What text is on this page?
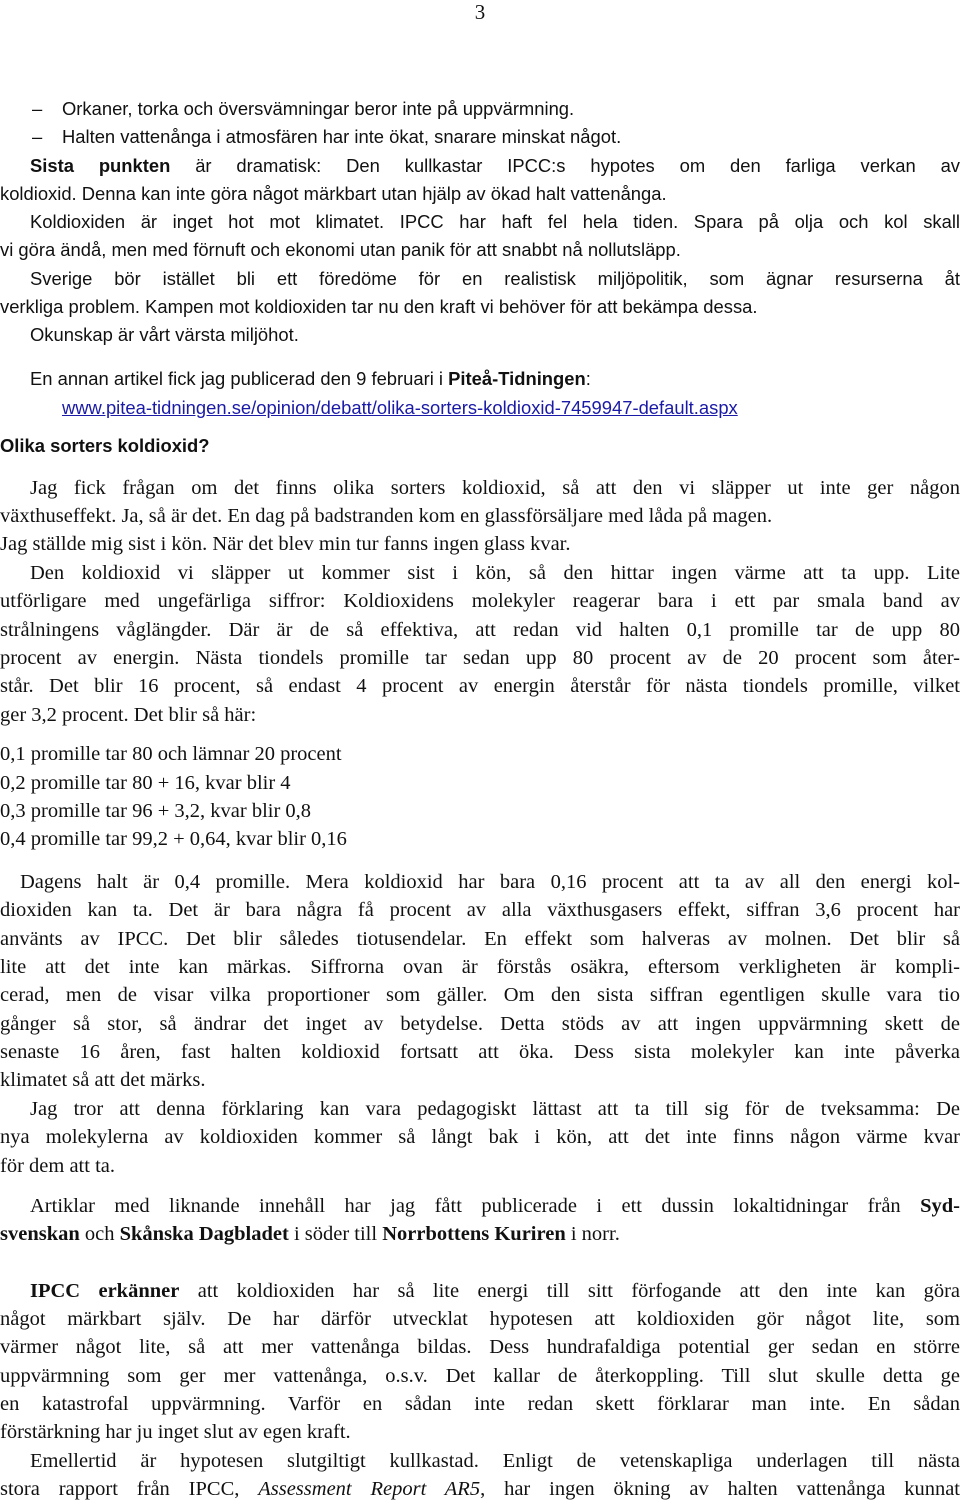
3
– Orkaner, torka och översvämningar beror inte på uppvärmning.
– Halten vattenånga i atmosfären har inte ökat, snarare minskat något.
Sista punkten är dramatisk: Den kullkastar IPCC:s hypotes om den farliga verkan av
koldioxid. Denna kan inte göra något märkbart utan hjälp av ökad halt vattenånga.
Koldioxiden är inget hot mot klimatet. IPCC har haft fel hela tiden. Spara på olja och kol skall
vi göra ändå, men med förnuft och ekonomi utan panik för att snabbt nå nollutsläpp.
Sverige bör istället bli ett föredöme för en realistisk miljöpolitik, som ägnar resurserna åt
verkliga problem. Kampen mot koldioxiden tar nu den kraft vi behöver för att bekämpa dessa.
Okunskap är vårt värsta miljöhot.
En annan artikel fick jag publicerad den 9 februari i Piteå-Tidningen:
www.pitea-tidningen.se/opinion/debatt/olika-sorters-koldioxid-7459947-default.aspx
Olika sorters koldioxid?
Jag fick frågan om det finns olika sorters koldioxid, så att den vi släpper ut inte ger någon
växthuseffekt. Ja, så är det. En dag på badstranden kom en glassförsäljare med låda på magen.
Jag ställde mig sist i kön. När det blev min tur fanns ingen glass kvar.
Den koldioxid vi släpper ut kommer sist i kön, så den hittar ingen värme att ta upp. Lite
utförligare med ungefärliga siffror: Koldioxidens molekyler reagerar bara i ett par smala band av
strålningens våglängder. Där är de så effektiva, att redan vid halten 0,1 promille tar de upp 80
procent av energin. Nästa tiondels promille tar sedan upp 80 procent av de 20 procent som åter-
står. Det blir 16 procent, så endast 4 procent av energin återstår för nästa tiondels promille, vilket
ger 3,2 procent. Det blir så här:
0,1 promille tar 80 och lämnar 20 procent
0,2 promille tar 80 + 16, kvar blir 4
0,3 promille tar 96 + 3,2, kvar blir 0,8
0,4 promille tar 99,2 + 0,64, kvar blir 0,16
Dagens halt är 0,4 promille. Mera koldioxid har bara 0,16 procent att ta av all den energi kol-
dioxiden kan ta. Det är bara några få procent av alla växthusgasers effekt, siffran 3,6 procent har
använts av IPCC. Det blir således tiotusendelar. En effekt som halveras av molnen. Det blir så
lite att det inte kan märkas. Siffrorna ovan är förstås osäkra, eftersom verkligheten är kompli-
cerad, men de visar vilka proportioner som gäller. Om den sista siffran egentligen skulle vara tio
gånger så stor, så ändrar det inget av betydelse. Detta stöds av att ingen uppvärmning skett de
senaste 16 åren, fast halten koldioxid fortsatt att öka. Dess sista molekyler kan inte påverka
klimatet så att det märks.
Jag tror att denna förklaring kan vara pedagogiskt lättast att ta till sig för de tveksamma: De
nya molekylerna av koldioxiden kommer så långt bak i kön, att det inte finns någon värme kvar
för dem att ta.
Artiklar med liknande innehåll har jag fått publicerade i ett dussin lokaltidningar från Syd-
svenskan och Skånska Dagbladet i söder till Norrbottens Kuriren i norr.
IPCC erkänner att koldioxiden har så lite energi till sitt förfogande att den inte kan göra
något märkbart själv. De har därför utvecklat hypotesen att koldioxiden gör något lite, som
värmer något lite, så att mer vattenånga bildas. Dess hundrafaldiga potential ger sedan en större
uppvärmning som ger mer vattenånga, o.s.v. Det kallar de återkoppling. Till slut skulle detta ge
en katastrofal uppvärmning. Varför en sådan inte redan skett förklarar man inte. En sådan
förstärkning har ju inget slut av egen kraft.
Emellertid är hypotesen slutgiltigt kullkastad. Enligt de vetenskapliga underlagen till nästa
stora rapport från IPCC, Assessment Report AR5, har ingen ökning av halten vattenånga kunnat
